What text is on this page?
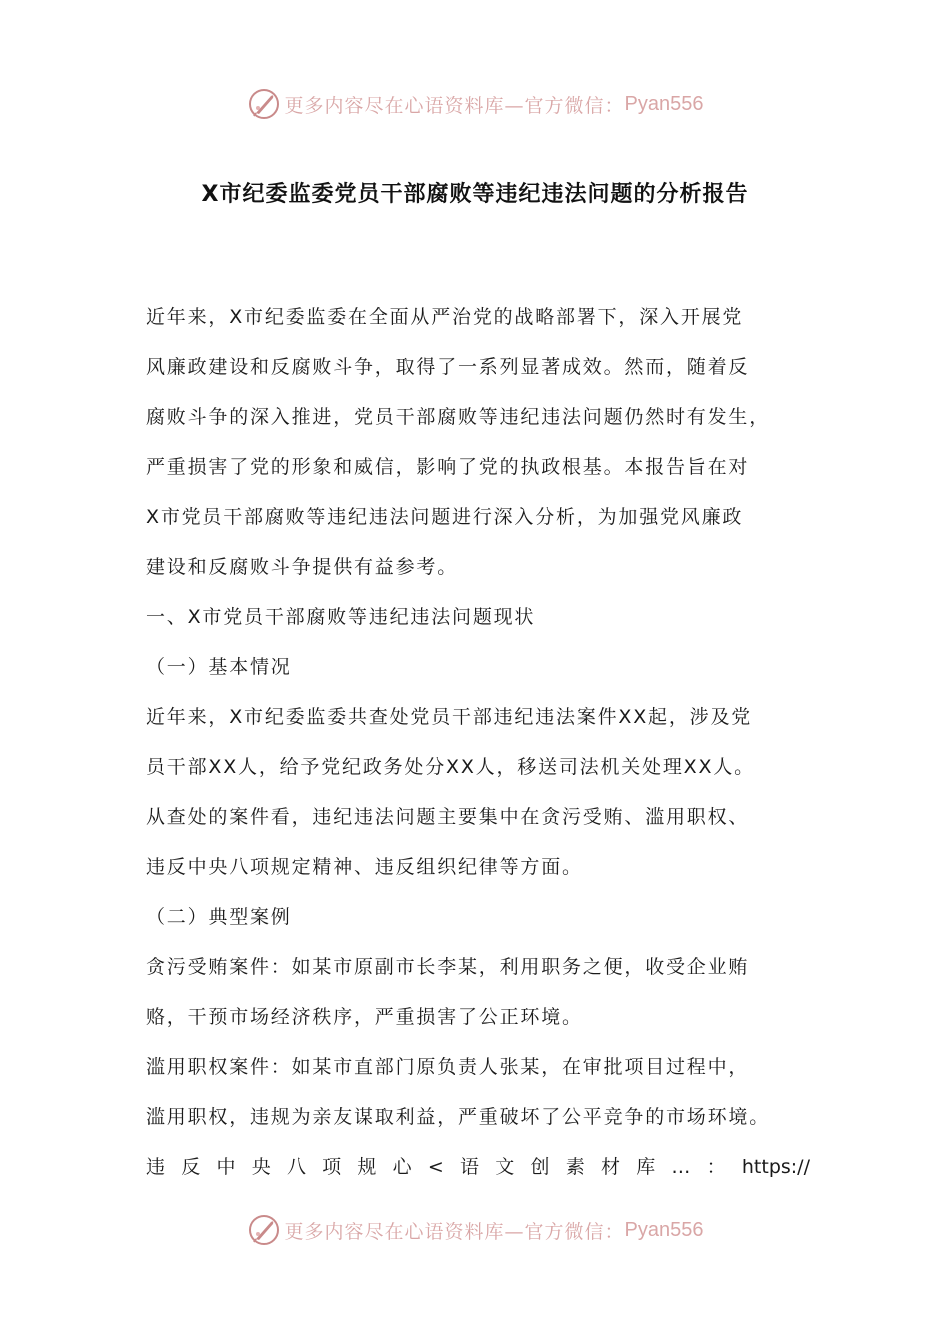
更多内容尽在心语资料库—官方微信： Pyan556
X市纪委监委党员干部腐败等违纪违法问题的分析报告
近年来，X市纪委监委在全面从严治党的战略部署下，深入开展党
风廉政建设和反腐败斗争，取得了一系列显著成效。然而，随着反
腐败斗争的深入推进，党员干部腐败等违纪违法问题仍然时有发生，
严重损害了党的形象和威信，影响了党的执政根基。本报告旨在对
X市党员干部腐败等违纪违法问题进行深入分析，为加强党风廉政
建设和反腐败斗争提供有益参考。
一、X市党员干部腐败等违纪违法问题现状
（一）基本情况
近年来，X市纪委监委共查处党员干部违纪违法案件XX起，涉及党
员干部XX人，给予党纪政务处分XX人，移送司法机关处理XX人。
从查处的案件看，违纪违法问题主要集中在贪污受贿、滥用职权、
违反中央八项规定精神、违反组织纪律等方面。
（二）典型案例
贪污受贿案件：如某市原副市长李某，利用职务之便，收受企业贿
赂，干预市场经济秩序，严重损害了公正环境。
滥用职权案件：如某市直部门原负责人张某，在审批项目过程中，
滥用职权，违规为亲友谋取利益，严重破坏了公平竞争的市场环境。
违 反 中 央 八 项 规 心 < 语 文 创 素 材 库 … ： https://
更多内容尽在心语资料库—官方微信： Pyan556
